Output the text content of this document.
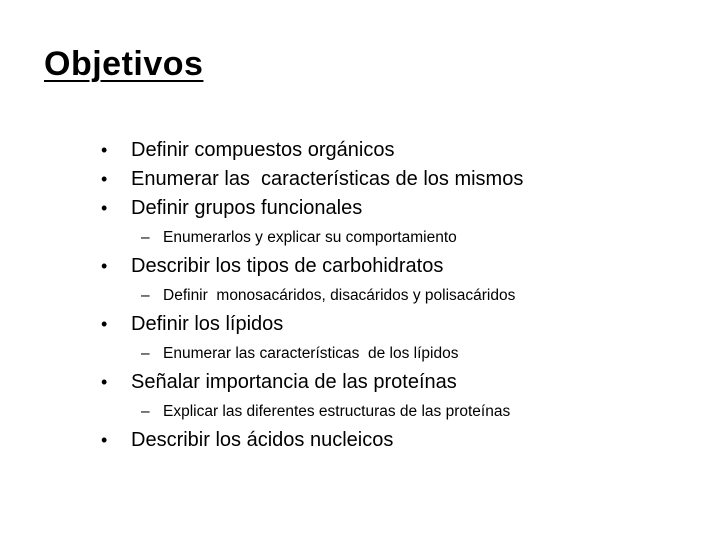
Objetivos
•	Definir compuestos orgánicos
•	Enumerar las  características de los mismos
•	Definir grupos funcionales
– Enumerarlos y explicar su comportamiento
•	Describir los tipos de carbohidratos
– Definir  monosacáridos, disacáridos y polisacáridos
•	Definir los lípidos
– Enumerar las características  de los lípidos
•	Señalar importancia de las proteínas
– Explicar las diferentes estructuras de las proteínas
•	Describir los ácidos nucleicos
